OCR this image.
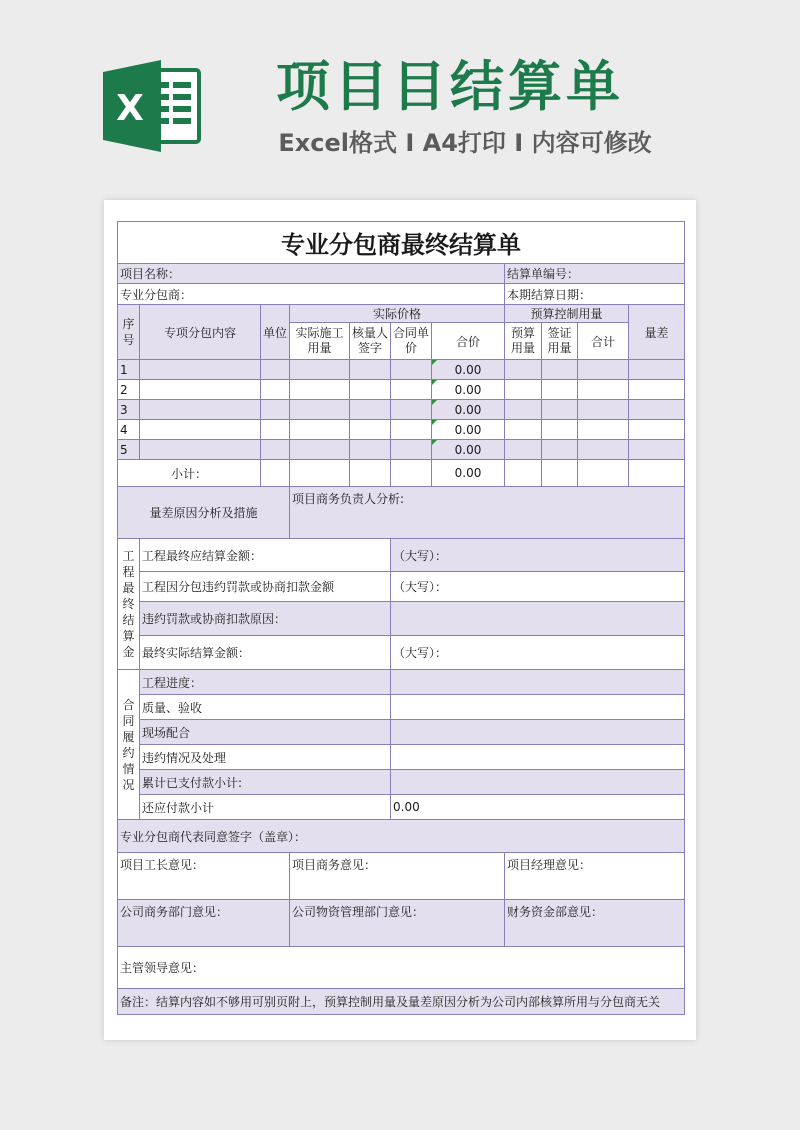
X 项目目结算单
Excel格式 I A4打印 I 内容可修改
专业分包商最终结算单										
项目名称：							结算单编号：			
专业分包商：							本期结算日期：			
序号	专项分包内容	单位	实际价格				预算控制用量			量差
			实际施工用量	核量人签字	合同单价	合价	预算用量	签证用量	合计	
1						0.00				
2						0.00				
3						0.00				
4						0.00				
5						0.00				
小计：						0.00				
量差原因分析及措施			项目商务负责人分析:							
工程最终结算金	工程最终应结算金额：				（大写）：					
	工程因分包违约罚款或协商扣款金额				（大写）：					
	违约罚款或协商扣款原因：									
	最终实际结算金额：				（大写）：					
合同履约情况	工程进度：									
	质量、验收									
	现场配合									
	违约情况及处理									
	累计已支付款小计:									
	还应付款小计				0.00					
专业分包商代表同意签字（盖章）：										
项目工长意见：			项目商务意见：				项目经理意见：			
公司商务部门意见：			公司物资管理部门意见：				财务资金部意见：			
主管领导意见：										
备注：结算内容如不够用可别页附上，预算控制用量及量差原因分析为公司内部核算所用与分包商无关										
